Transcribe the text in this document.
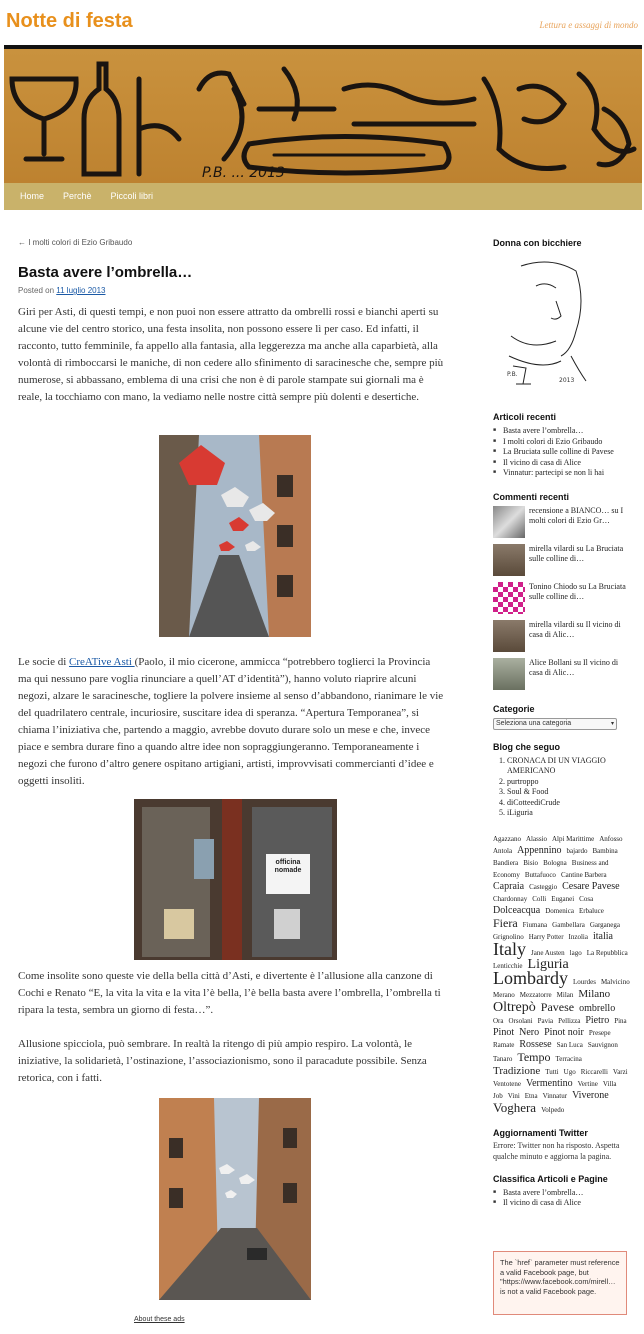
Notte di festa	Lettura e assaggi di mondo
P.B. ... 2013
Home Perchè Piccoli libri
← I molti colori di Ezio Gribaudo
Basta avere l’ombrella…
Posted on 11 luglio 2013

Giri per Asti, di questi tempi, e non puoi non essere attratto da ombrelli rossi e bianchi aperti su alcune vie del centro storico, una festa insolita, non possono essere lì per caso. Ed infatti, il racconto, tutto femminile, fa appello alla fantasia, alla leggerezza ma anche alla caparbietà, alla volontà di rimboccarsi le maniche, di non cedere allo sfinimento di saracinesche che, sempre più numerose, si abbassano, emblema di una crisi che non è di parole stampate sui giornali ma è reale, la tocchiamo con mano, la vediamo nelle nostre città sempre più dolenti e desertiche.

Le socie di CreATive Asti (Paolo, il mio cicerone, ammicca “potrebbero toglierci la Provincia ma qui nessuno pare voglia rinunciare a quell’AT d’identità”), hanno voluto riaprire alcuni negozi, alzare le saracinesche, togliere la polvere insieme al senso d’abbandono, rianimare le vie del quadrilatero centrale, incuriosire, suscitare idea di speranza. “Apertura Temporanea”, si chiama l’iniziativa che, partendo a maggio, avrebbe dovuto durare solo un mese e che, invece piace e sembra durare fino a quando altre idee non sopraggiungeranno. Temporaneamente i negozi che furono d’altro genere ospitano artigiani, artisti, improvvisati commercianti d’idee e oggetti insoliti.

officina nomade

Come insolite sono queste vie della bella città d’Asti, e divertente è l’allusione alla canzone di Cochi e Renato “E, la vita la vita e la vita l’è bella, l’è bella basta avere l’ombrella, l’ombrella ti ripara la testa, sembra un giorno di festa…”.

Allusione spicciola, può sembrare. In realtà la ritengo di più ampio respiro. La volontà, le iniziative, la solidarietà, l’ostinazione, l’associazionismo, sono il paracadute possibile. Senza retorica, con i fatti.

About these ads
Donna con bicchiere
P.B.
2013
Articoli recenti
■ Basta avere l’ombrella…
■ I molti colori di Ezio Gribaudo
■ La Bruciata sulle colline di Pavese
■ Il vicino di casa di Alice
■ Vinnatur: partecipi se non li hai
Commenti recenti
recensione a BIANCO… su I molti colori di Ezio Gr…
mirella vilardi su La Bruciata sulle colline di…
Tonino Chiodo su La Bruciata sulle colline di…
mirella vilardi su Il vicino di casa di Alic…
Alice Bollani su Il vicino di casa di Alic…
Categorie
Seleziona una categoria	▾
Blog che seguo
1. CRONACA DI UN VIAGGIO AMERICANO
2. purtroppo
3. Soul & Food
4. diCotteediCrude
5. iLiguria
Agazzano Alassio Alpi Marittime Anfosso Antola Appennino bajardo Bambina Bandiera Bisio Bologna Business and Economy Buttafuoco Cantine Barbera Capraia Casteggio Cesare Pavese Chardonnay Colli Euganei Cosa Dolceacqua Domenica Erbaluce Fiera Fiumana Gambellara Garganega Grignolino Harry Potter Inzolia italia Italy Jane Austen lago La Repubblica Lenticchie Liguria Lombardy Lourdes Malvicino Merano Mezzatorre Milan Milano Oltrepò Pavese ombrello Ora Orsolani Pavia Pellizza Pietro Pina Pinot Nero Pinot noir Presepe Ramate Rossese San Luca Sauvignon Tanaro Tempo Terracina Tradizione Tutti Ugo Riccarelli Varzi Ventotene Vermentino Vertine Villa Job Vini Etna Vinnatur Viverone Voghera Volpedo
Aggiornamenti Twitter
Errore: Twitter non ha risposto. Aspetta qualche minuto e aggiorna la pagina.
Classifica Articoli e Pagine
■ Basta avere l’ombrella…
■ Il vicino di casa di Alice
The `href` parameter must reference a valid Facebook page, but "https://www.facebook.com/mirell… is not a valid Facebook page.
